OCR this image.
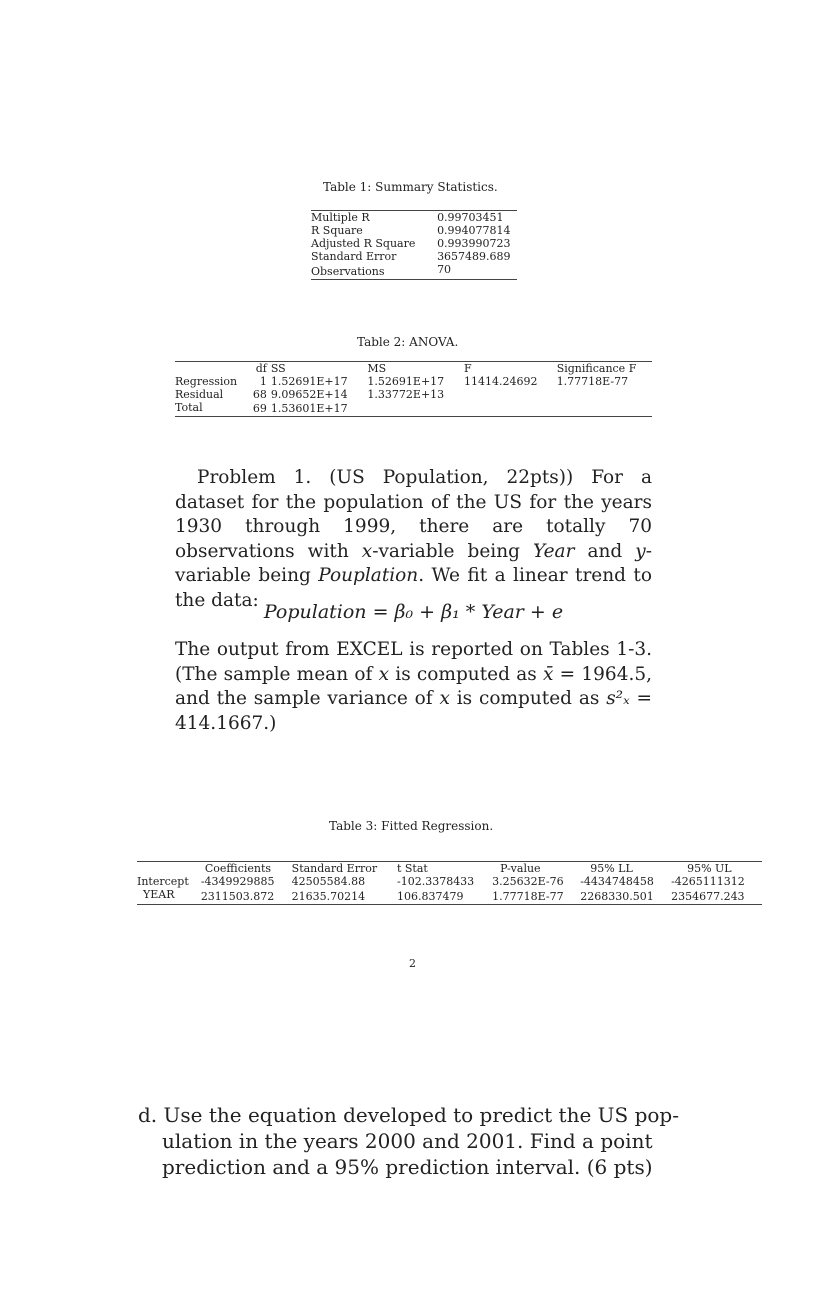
Table 1: Summary Statistics.
Multiple R	0.99703451
R Square	0.994077814
Adjusted R Square	0.993990723
Standard Error	3657489.689
Observations	70
Table 2: ANOVA.
	df	SS	MS	F	Significance F
Regression	1	1.52691E+17	1.52691E+17	11414.24692	1.77718E-77
Residual	68	9.09652E+14	1.33772E+13		
Total	69	1.53601E+17			

Problem 1. (US Population, 22pts)) For a dataset for the population of the US for the years 1930 through 1999, there are totally 70 observations with x-variable being Year and y-variable being Pouplation. We fit a linear trend to the data:

Population = β₀ + β₁ * Year + e

The output from EXCEL is reported on Tables 1-3. (The sample mean of x is computed as x̄ = 1964.5, and the sample variance of x is computed as s²ₓ = 414.1667.)

Table 3: Fitted Regression.
	Coefficients	Standard Error	t Stat	P-value	95% LL	95% UL
Intercept	-4349929885	42505584.88	-102.3378433	3.25632E-76	-4434748458	-4265111312
YEAR	2311503.872	21635.70214	106.837479	1.77718E-77	2268330.501	2354677.243
2
d. Use the equation developed to predict the US pop-
ulation in the years 2000 and 2001. Find a point
prediction and a 95% prediction interval. (6 pts)
